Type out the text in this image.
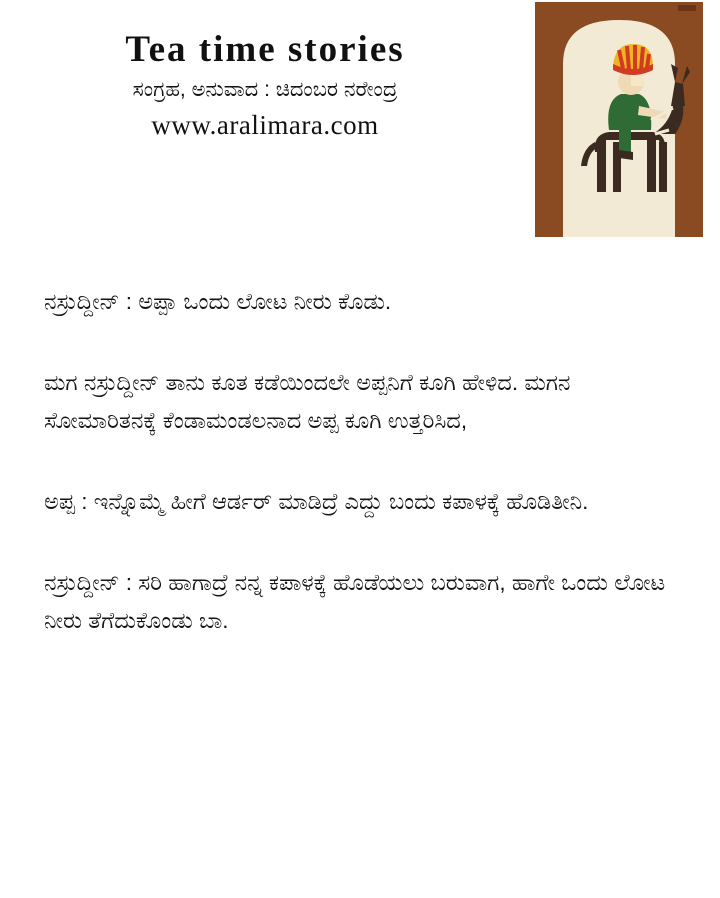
Tea time stories

ಸಂಗ್ರಹ, ಅನುವಾದ : ಚಿದಂಬರ ನರೇಂದ್ರ

www.aralimara.com

ನಸ್ರುದ್ದೀನ್ : ಅಪ್ಪಾ ಒಂದು ಲೋಟ ನೀರು ಕೊಡು.

ಮಗ ನಸ್ರುದ್ದೀನ್ ತಾನು ಕೂತ ಕಡೆಯಿಂದಲೇ ಅಪ್ಪನಿಗೆ ಕೂಗಿ ಹೇಳಿದ. ಮಗನ ಸೋಮಾರಿತನಕ್ಕೆ ಕೆಂಡಾಮಂಡಲನಾದ ಅಪ್ಪ ಕೂಗಿ ಉತ್ತರಿಸಿದ,

ಅಪ್ಪ : ಇನ್ನೊಮ್ಮೆ ಹೀಗೆ ಆರ್ಡರ್ ಮಾಡಿದ್ರೆ ಎದ್ದು ಬಂದು ಕಪಾಳಕ್ಕೆ ಹೊಡಿತೀನಿ.

ನಸ್ರುದ್ದೀನ್ : ಸರಿ ಹಾಗಾದ್ರೆ ನನ್ನ ಕಪಾಳಕ್ಕೆ ಹೊಡೆಯಲು ಬರುವಾಗ, ಹಾಗೇ ಒಂದು ಲೋಟ ನೀರು ತೆಗೆದುಕೊಂಡು ಬಾ.
